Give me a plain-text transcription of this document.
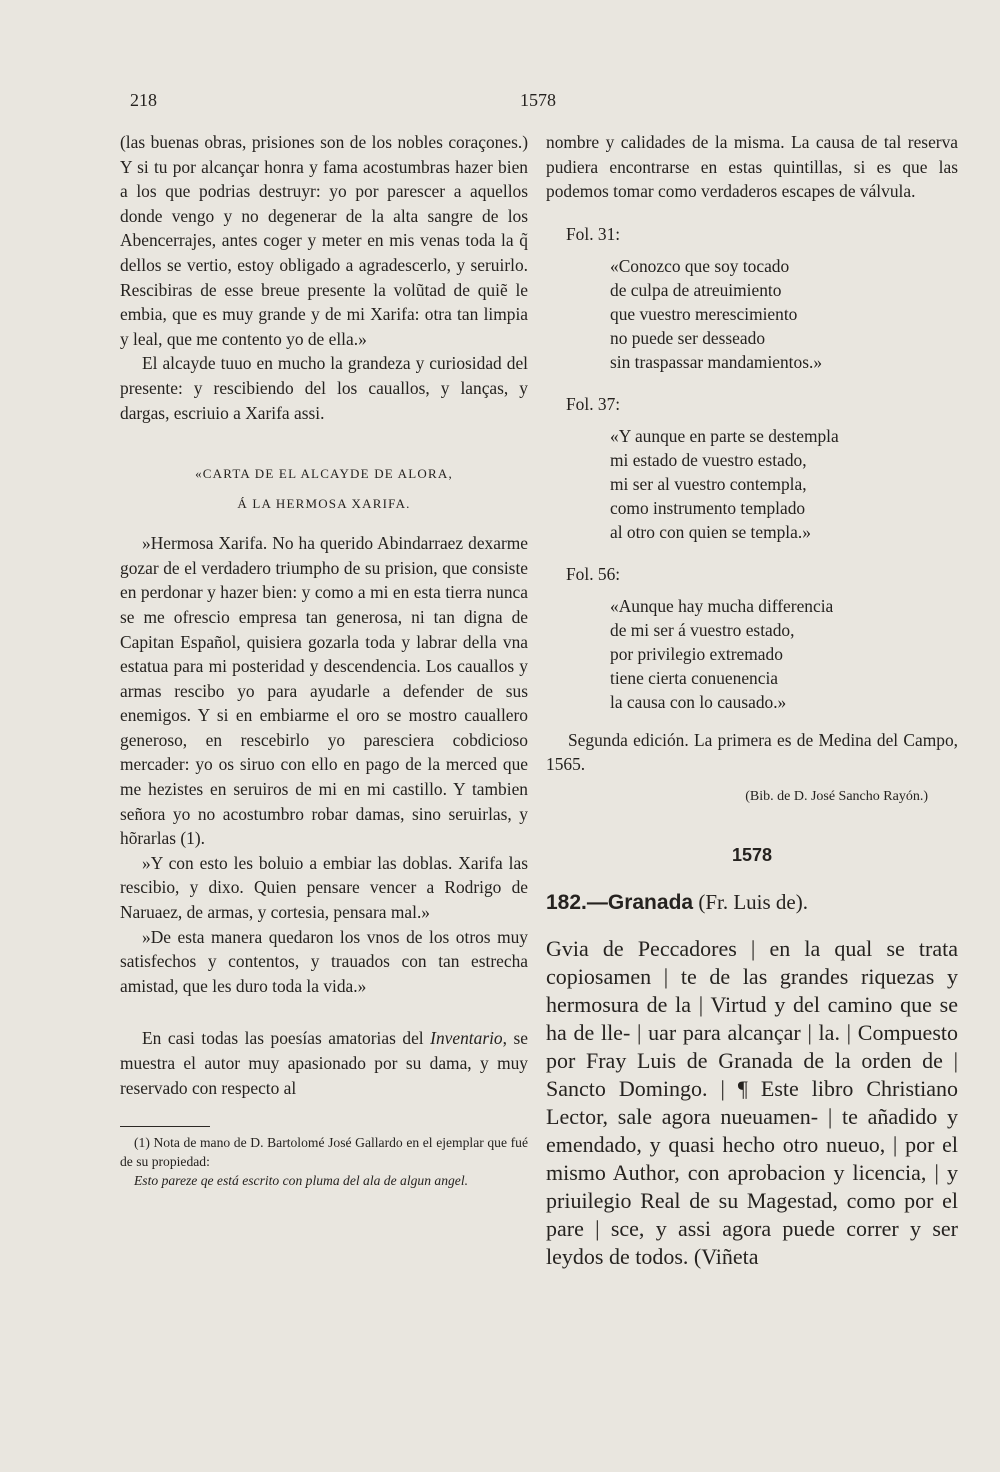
218	1578

(las buenas obras, prisiones son de los nobles coraçones.) Y si tu por alcançar honra y fama acostumbras hazer bien a los que podrias destruyr: yo por parescer a aquellos donde vengo y no degenerar de la alta sangre de los Abencerrajes, antes coger y meter en mis venas toda la q̃ dellos se vertio, estoy obligado a agradescerlo, y seruirlo. Rescibiras de esse breue presente la volũtad de quiẽ le embia, que es muy grande y de mi Xarifa: otra tan limpia y leal, que me contento yo de ella.»

El alcayde tuuo en mucho la grandeza y curiosidad del presente: y rescibiendo del los cauallos, y lanças, y dargas, escriuio a Xarifa assi.

«CARTA DE EL ALCAYDE DE ALORA,
Á LA HERMOSA XARIFA.

»Hermosa Xarifa. No ha querido Abindarraez dexarme gozar de el verdadero triumpho de su prision, que consiste en perdonar y hazer bien: y como a mi en esta tierra nunca se me ofrescio empresa tan generosa, ni tan digna de Capitan Español, quisiera gozarla toda y labrar della vna estatua para mi posteridad y descendencia. Los cauallos y armas rescibo yo para ayudarle a defender de sus enemigos. Y si en embiarme el oro se mostro cauallero generoso, en rescebirlo yo paresciera cobdicioso mercader: yo os siruo con ello en pago de la merced que me hezistes en seruiros de mi en mi castillo. Y tambien señora yo no acostumbro robar damas, sino seruirlas, y hõrarlas (1).

»Y con esto les boluio a embiar las doblas. Xarifa las rescibio, y dixo. Quien pensare vencer a Rodrigo de Naruaez, de armas, y cortesia, pensara mal.»

»De esta manera quedaron los vnos de los otros muy satisfechos y contentos, y trauados con tan estrecha amistad, que les duro toda la vida.»

En casi todas las poesías amatorias del Inventario, se muestra el autor muy apasionado por su dama, y muy reservado con respecto al

(1) Nota de mano de D. Bartolomé José Gallardo en el ejemplar que fué de su propiedad:

Esto pareze qe está escrito con pluma del ala de algun angel.

nombre y calidades de la misma. La causa de tal reserva pudiera encontrarse en estas quintillas, si es que las podemos tomar como verdaderos escapes de válvula.

Fol. 31:
«Conozco que soy tocado
de culpa de atreuimiento
que vuestro merescimiento
no puede ser desseado
sin traspassar mandamientos.»
Fol. 37:
«Y aunque en parte se destempla
mi estado de vuestro estado,
mi ser al vuestro contempla,
como instrumento templado
al otro con quien se templa.»
Fol. 56:
«Aunque hay mucha differencia
de mi ser á vuestro estado,
por privilegio extremado
tiene cierta conuenencia
la causa con lo causado.»

Segunda edición. La primera es de Medina del Campo, 1565.

(Bib. de D. José Sancho Rayón.)
1578
182.—Granada (Fr. Luis de).

Gvia de Peccadores | en la qual se trata copiosamen | te de las grandes riquezas y hermosura de la | Virtud y del camino que se ha de lle- | uar para alcançar | la. | Compuesto por Fray Luis de Granada de la orden de | Sancto Domingo. | ¶ Este libro Christiano Lector, sale agora nueuamen- | te añadido y emendado, y quasi hecho otro nueuo, | por el mismo Author, con aprobacion y licencia, | y priuilegio Real de su Magestad, como por el pare | sce, y assi agora puede correr y ser leydos de todos. (Viñeta
